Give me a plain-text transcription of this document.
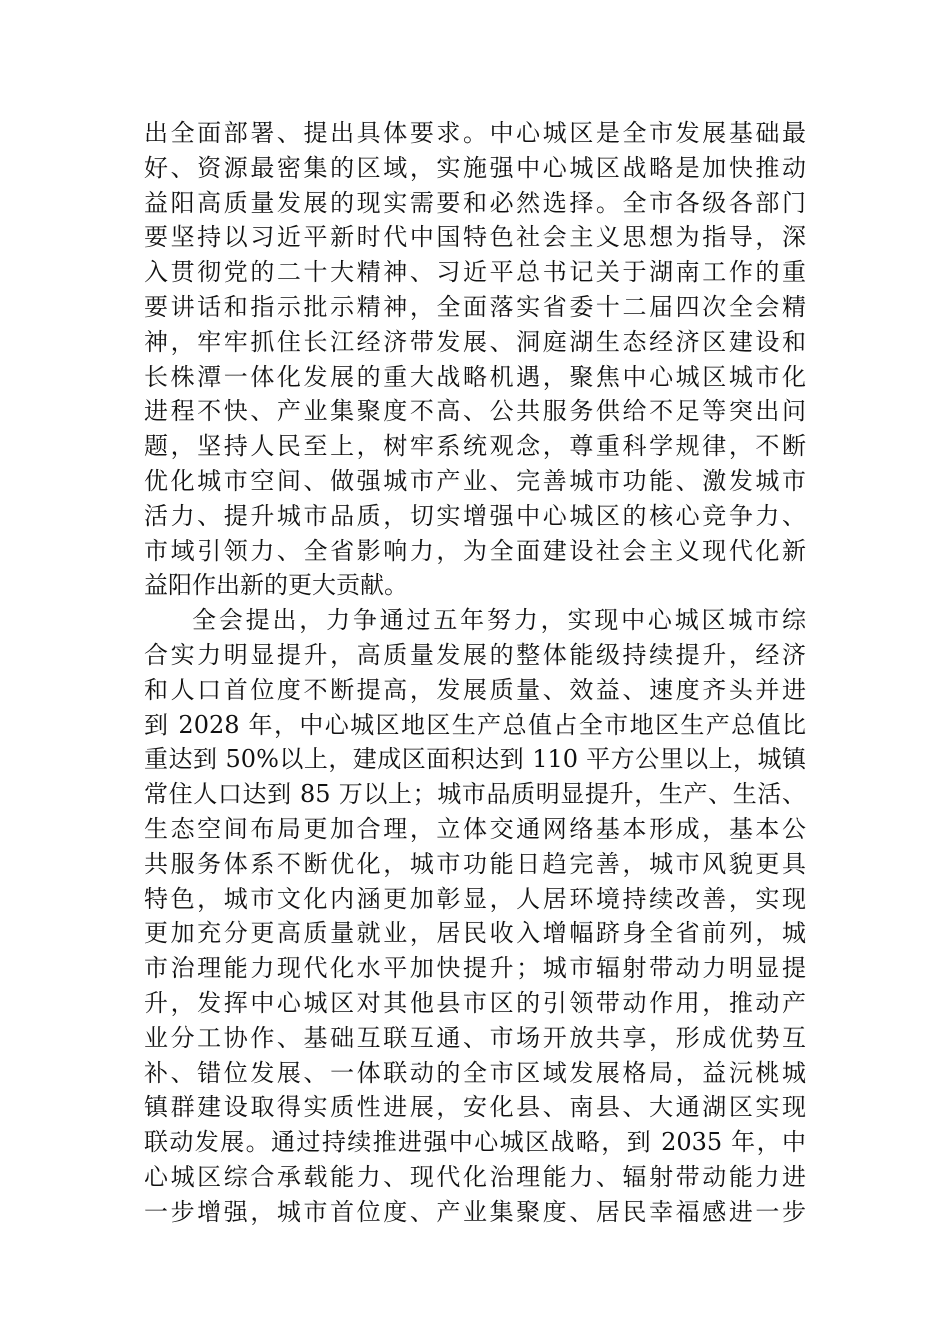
出全面部署、提出具体要求。中心城区是全市发展基础最
好、资源最密集的区域，实施强中心城区战略是加快推动
益阳高质量发展的现实需要和必然选择。全市各级各部门
要坚持以习近平新时代中国特色社会主义思想为指导，深
入贯彻党的二十大精神、习近平总书记关于湖南工作的重
要讲话和指示批示精神，全面落实省委十二届四次全会精
神，牢牢抓住长江经济带发展、洞庭湖生态经济区建设和
长株潭一体化发展的重大战略机遇，聚焦中心城区城市化
进程不快、产业集聚度不高、公共服务供给不足等突出问
题，坚持人民至上，树牢系统观念，尊重科学规律，不断
优化城市空间、做强城市产业、完善城市功能、激发城市
活力、提升城市品质，切实增强中心城区的核心竞争力、
市域引领力、全省影响力，为全面建设社会主义现代化新
益阳作出新的更大贡献。
全会提出，力争通过五年努力，实现中心城区城市综
合实力明显提升，高质量发展的整体能级持续提升，经济
和人口首位度不断提高，发展质量、效益、速度齐头并进
到 2028 年，中心城区地区生产总值占全市地区生产总值比
重达到 50%以上，建成区面积达到 110 平方公里以上，城镇
常住人口达到 85 万以上；城市品质明显提升，生产、生活、
生态空间布局更加合理，立体交通网络基本形成，基本公
共服务体系不断优化，城市功能日趋完善，城市风貌更具
特色，城市文化内涵更加彰显，人居环境持续改善，实现
更加充分更高质量就业，居民收入增幅跻身全省前列，城
市治理能力现代化水平加快提升；城市辐射带动力明显提
升，发挥中心城区对其他县市区的引领带动作用，推动产
业分工协作、基础互联互通、市场开放共享，形成优势互
补、错位发展、一体联动的全市区域发展格局，益沅桃城
镇群建设取得实质性进展，安化县、南县、大通湖区实现
联动发展。通过持续推进强中心城区战略，到 2035 年，中
心城区综合承载能力、现代化治理能力、辐射带动能力进
一步增强，城市首位度、产业集聚度、居民幸福感进一步
